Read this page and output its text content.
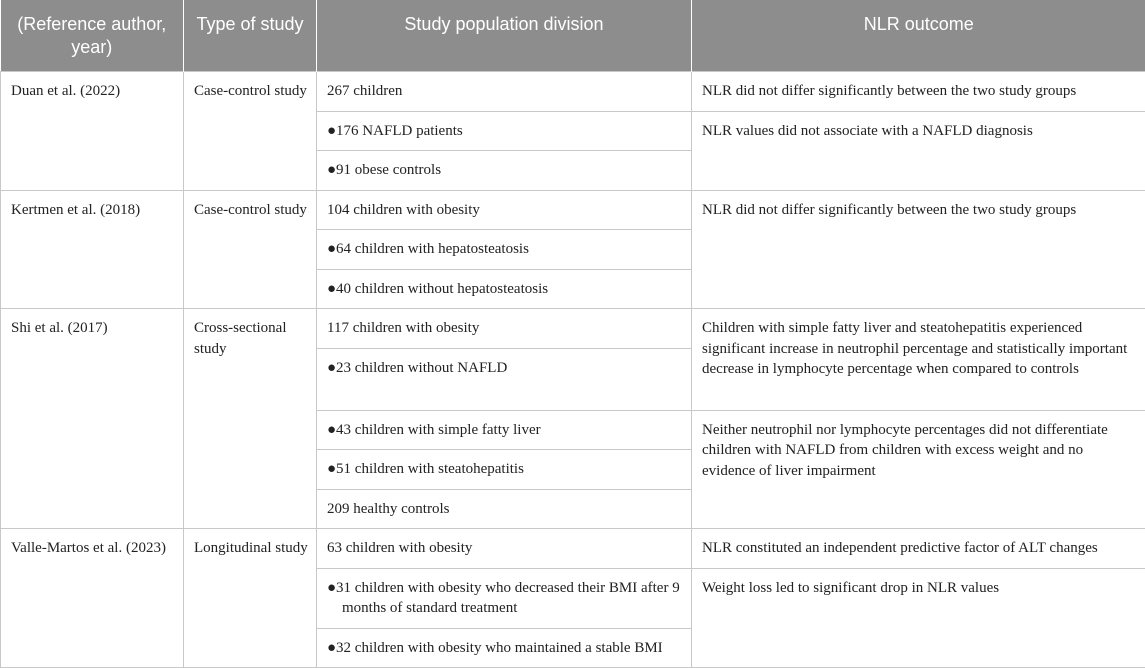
(Reference author, year)	Type of study	Study population division	NLR outcome
Duan et al. (2022)	Case-control study	267 children	NLR did not differ significantly between the two study groups
		●176 NAFLD patients	NLR values did not associate with a NAFLD diagnosis
		●91 obese controls	
Kertmen et al. (2018)	Case-control study	104 children with obesity	NLR did not differ significantly between the two study groups
		●64 children with hepatosteatosis	
		●40 children without hepatosteatosis	
Shi et al. (2017)	Cross-sectional study	117 children with obesity	Children with simple fatty liver and steatohepatitis experienced significant increase in neutrophil percentage and statistically important decrease in lymphocyte percentage when compared to controls
		●23 children without NAFLD	
		●43 children with simple fatty liver	Neither neutrophil nor lymphocyte percentages did not differentiate children with NAFLD from children with excess weight and no evidence of liver impairment
		●51 children with steatohepatitis	
		209 healthy controls	
Valle-Martos et al. (2023)	Longitudinal study	63 children with obesity	NLR constituted an independent predictive factor of ALT changes

		●31 children with obesity who decreased their BMI after 9 months of standard treatment	Weight loss led to significant drop in NLR values
		●32 children with obesity who maintained a stable BMI	
